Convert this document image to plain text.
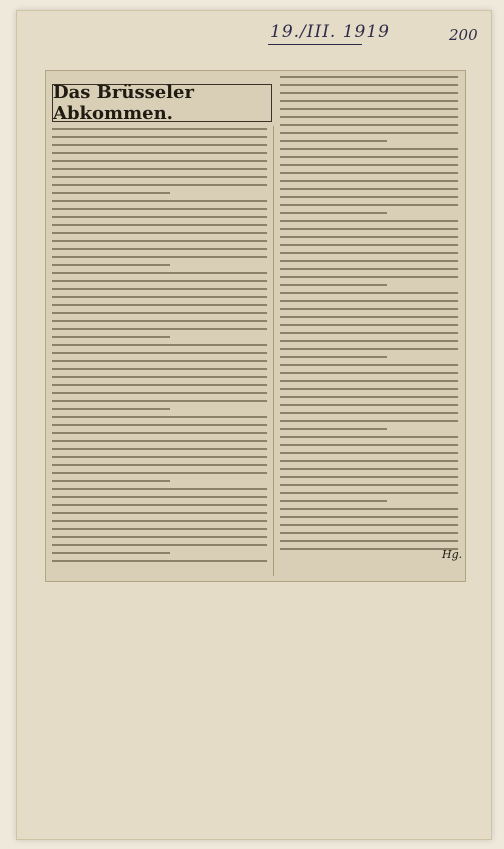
19./III. 1919	200
Das Brüsseler Abkommen.
Hg.
